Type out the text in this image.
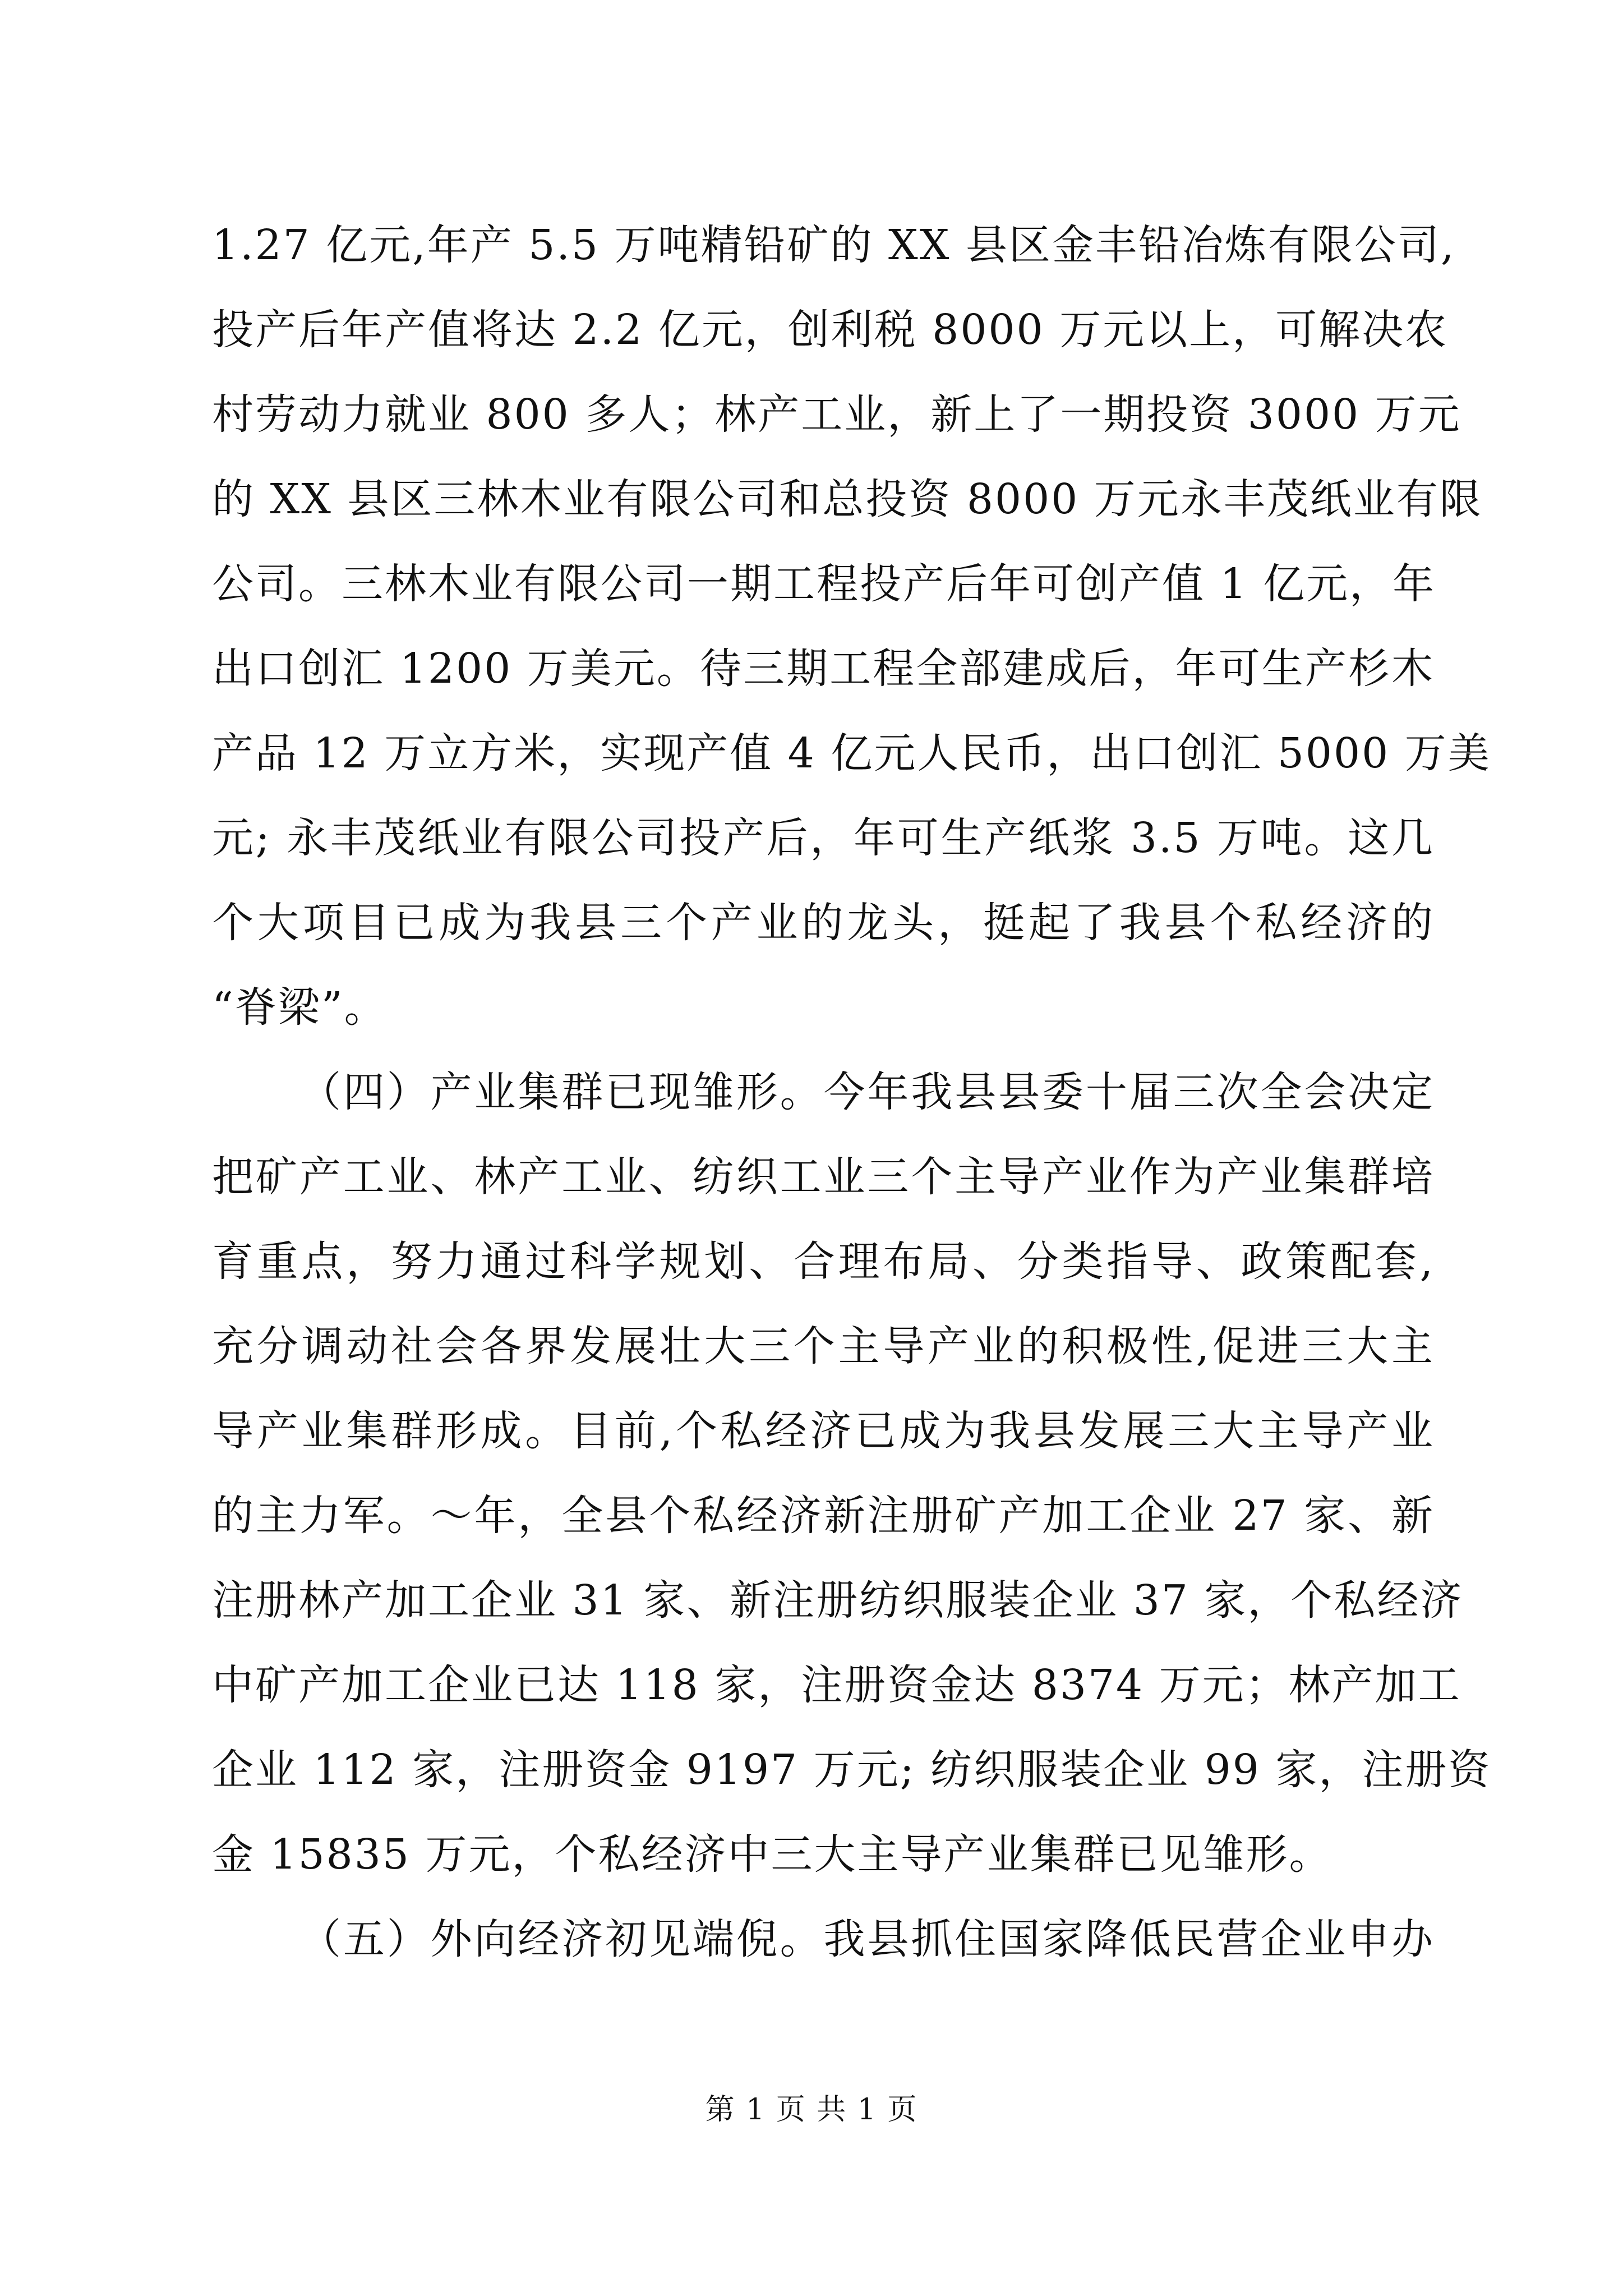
1.27 亿元,年产 5.5 万吨精铅矿的 XX 县区金丰铅冶炼有限公司,
投产后年产值将达 2.2 亿元，创利税 8000 万元以上，可解决农
村劳动力就业 800 多人；林产工业，新上了一期投资 3000 万元
的 XX 县区三林木业有限公司和总投资 8000 万元永丰茂纸业有限
公司。三林木业有限公司一期工程投产后年可创产值 1 亿元，年
出口创汇 1200 万美元。待三期工程全部建成后，年可生产杉木
产品 12 万立方米，实现产值 4 亿元人民币，出口创汇 5000 万美
元; 永丰茂纸业有限公司投产后，年可生产纸浆 3.5 万吨。这几
个大项目已成为我县三个产业的龙头，挺起了我县个私经济的
“脊梁”。
（四）产业集群已现雏形。今年我县县委十届三次全会决定
把矿产工业、林产工业、纺织工业三个主导产业作为产业集群培
育重点，努力通过科学规划、合理布局、分类指导、政策配套,
充分调动社会各界发展壮大三个主导产业的积极性,促进三大主
导产业集群形成。目前,个私经济已成为我县发展三大主导产业
的主力军。～年，全县个私经济新注册矿产加工企业 27 家、新
注册林产加工企业 31 家、新注册纺织服装企业 37 家，个私经济
中矿产加工企业已达 118 家，注册资金达 8374 万元；林产加工
企业 112 家，注册资金 9197 万元; 纺织服装企业 99 家，注册资
金 15835 万元，个私经济中三大主导产业集群已见雏形。
（五）外向经济初见端倪。我县抓住国家降低民营企业申办
第 1 页 共 1 页
